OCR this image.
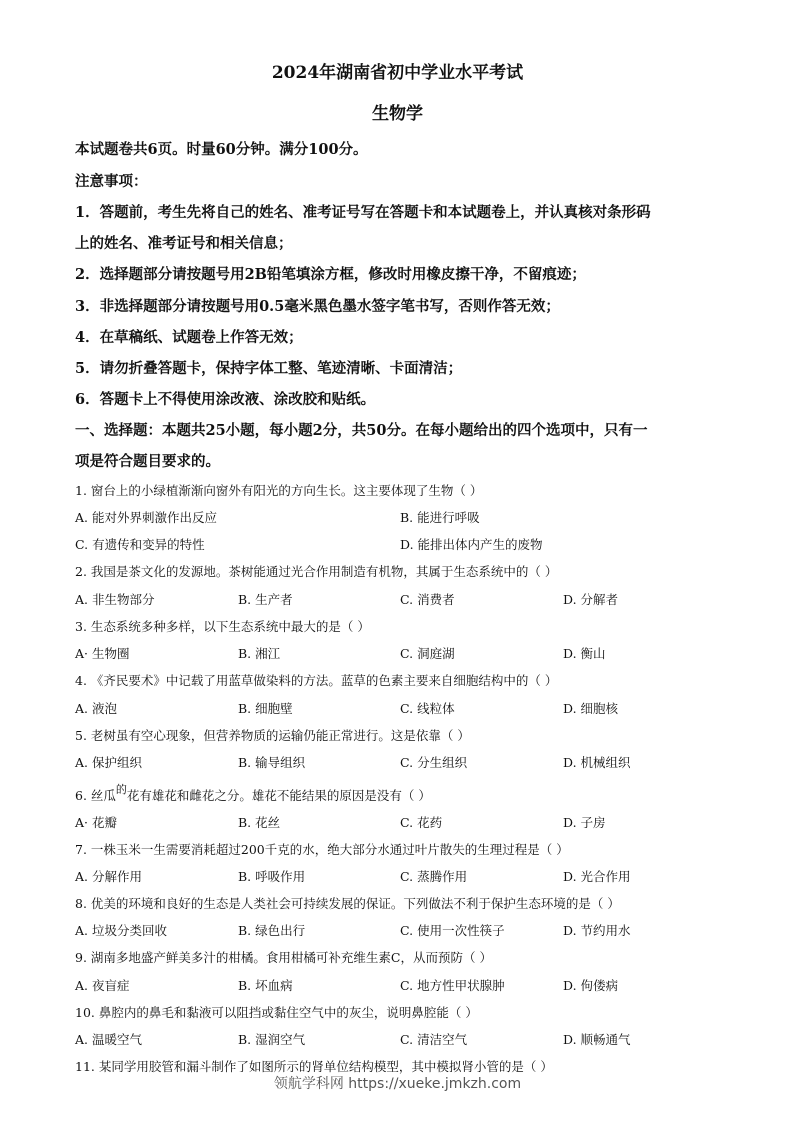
2024年湖南省初中学业水平考试
生物学
本试题卷共6页。时量60分钟。满分100分。
注意事项：
1．答题前，考生先将自己的姓名、准考证号写在答题卡和本试题卷上，并认真核对条形码
上的姓名、准考证号和相关信息；
2．选择题部分请按题号用2B铅笔填涂方框，修改时用橡皮擦干净，不留痕迹；
3．非选择题部分请按题号用0.5毫米黑色墨水签字笔书写，否则作答无效；
4．在草稿纸、试题卷上作答无效；
5．请勿折叠答题卡，保持字体工整、笔迹清晰、卡面清洁；
6．答题卡上不得使用涂改液、涂改胶和贴纸。
一、选择题：本题共25小题，每小题2分，共50分。在每小题给出的四个选项中，只有一
项是符合题目要求的。
1. 窗台上的小绿植渐渐向窗外有阳光的方向生长。这主要体现了生物（ ）
A. 能对外界刺激作出反应	B. 能进行呼吸
C. 有遗传和变异的特性	D. 能排出体内产生的废物
2. 我国是茶文化的发源地。茶树能通过光合作用制造有机物，其属于生态系统中的（ ）
A. 非生物部分	B. 生产者	C. 消费者	D. 分解者
3. 生态系统多种多样，以下生态系统中最大的是（ ）
A· 生物圈	B. 湘江	C. 洞庭湖	D. 衡山
4. 《齐民要术》中记载了用蓝草做染料的方法。蓝草的色素主要来自细胞结构中的（ ）
A. 液泡	B. 细胞壁	C. 线粒体	D. 细胞核
5. 老树虽有空心现象，但营养物质的运输仍能正常进行。这是依靠（ ）
A. 保护组织	B. 输导组织	C. 分生组织	D. 机械组织
6. 丝瓜的花有雄花和雌花之分。雄花不能结果的原因是没有（ ）
A· 花瓣	B. 花丝	C. 花药	D. 子房
7. 一株玉米一生需要消耗超过200千克的水，绝大部分水通过叶片散失的生理过程是（ ）
A. 分解作用	B. 呼吸作用	C. 蒸腾作用	D. 光合作用
8. 优美的环境和良好的生态是人类社会可持续发展的保证。下列做法不利于保护生态环境的是（ ）
A. 垃圾分类回收	B. 绿色出行	C. 使用一次性筷子	D. 节约用水
9. 湖南多地盛产鲜美多汁的柑橘。食用柑橘可补充维生素C，从而预防（ ）
A. 夜盲症	B. 坏血病	C. 地方性甲状腺肿	D. 佝偻病
10. 鼻腔内的鼻毛和黏液可以阻挡或黏住空气中的灰尘，说明鼻腔能（ ）
A. 温暖空气	B. 湿润空气	C. 清洁空气	D. 顺畅通气
11. 某同学用胶管和漏斗制作了如图所示的肾单位结构模型，其中模拟肾小管的是（ ）
领航学科网 https://xueke.jmkzh.com
